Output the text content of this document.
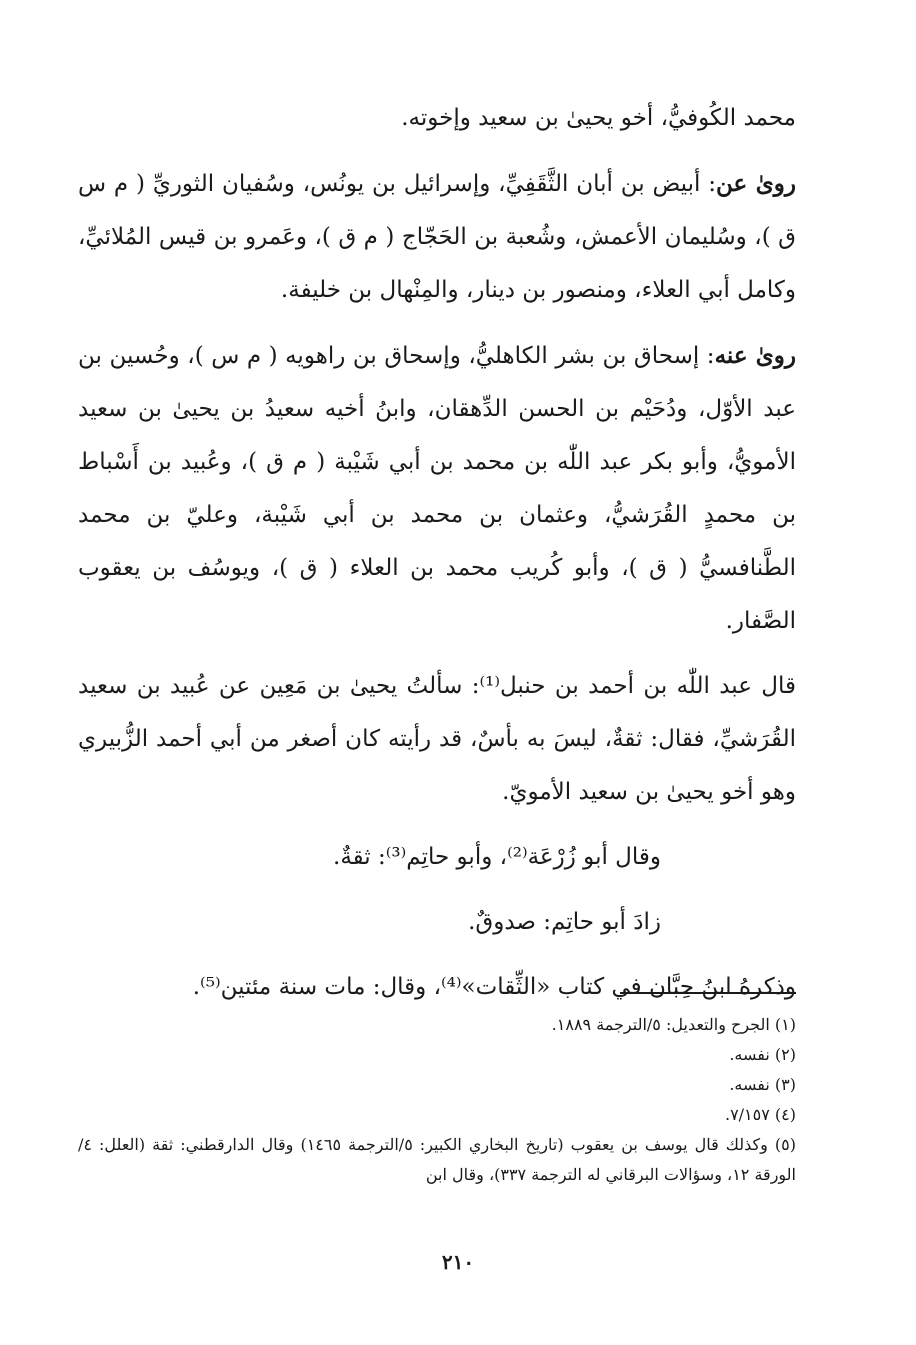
محمد الكُوفيُّ، أخو يحيىٰ بن سعيد وإخوته.

روىٰ عن: أبيض بن أبان الثَّقَفِيِّ، وإسرائيل بن يونُس، وسُفيان الثوريِّ ( م س ق )، وسُليمان الأعمش، وشُعبة بن الحَجّاج ( م ق )، وعَمرو بن قيس المُلائيِّ، وكامل أبي العلاء، ومنصور بن دينار، والمِنْهال بن خليفة.

روىٰ عنه: إسحاق بن بشر الكاهليُّ، وإسحاق بن راهويه ( م س )، وحُسين بن عبد الأوّل، ودُحَيْم بن الحسن الدِّهقان، وابنُ أخيه سعيدُ بن يحيىٰ بن سعيد الأمويُّ، وأبو بكر عبد اللّٰه بن محمد بن أبي شَيْبة ( م ق )، وعُبيد بن أَسْباط بن محمدٍ القُرَشيُّ، وعثمان بن محمد بن أبي شَيْبة، وعليّ بن محمد الطَّنافسيُّ ( ق )، وأبو كُريب محمد بن العلاء ( ق )، ويوسُف بن يعقوب الصَّفار.

قال عبد اللّٰه بن أحمد بن حنبل⁽¹⁾: سألتُ يحيىٰ بن مَعِين عن عُبيد بن سعيد القُرَشيِّ، فقال: ثقةٌ، ليسَ به بأسٌ، قد رأيته كان أصغر من أبي أحمد الزُّبيري وهو أخو يحيىٰ بن سعيد الأمويّ.

وقال أبو زُرْعَة⁽²⁾، وأبو حاتِم⁽³⁾: ثقةٌ.

زادَ أبو حاتِم: صدوقٌ.

وذكرهُ ابنُ حِبَّان في كتاب «الثِّقات»⁽⁴⁾، وقال: مات سنة مئتين⁽⁵⁾.

(١) الجرح والتعديل: ٥/الترجمة ١٨٨٩.

(٢) نفسه.

(٣) نفسه.

(٤) ٧/١٥٧.

(٥) وكذلك قال يوسف بن يعقوب (تاريخ البخاري الكبير: ٥/الترجمة ١٤٦٥) وقال الدارقطني: ثقة (العلل: ٤/الورقة ١٢، وسؤالات البرقاني له الترجمة ٣٣٧)، وقال ابن

٢١٠
